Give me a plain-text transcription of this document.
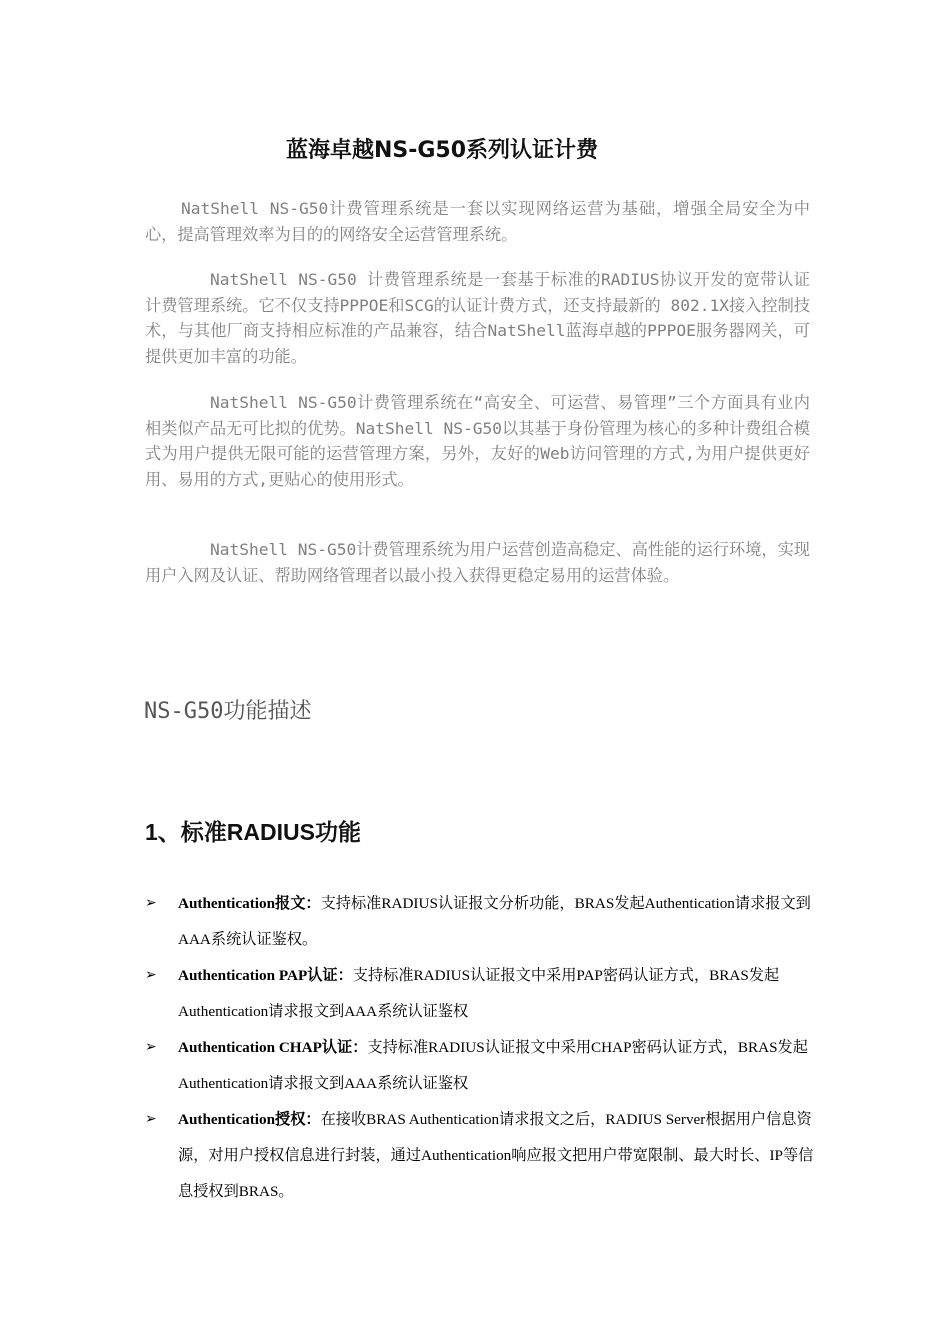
蓝海卓越NS-G50系列认证计费

NatShell NS-G50计费管理系统是一套以实现网络运营为基础，增强全局安全为中心，提高管理效率为目的的网络安全运营管理系统。

NatShell NS-G50 计费管理系统是一套基于标准的RADIUS协议开发的宽带认证计费管理系统。它不仅支持PPPOE和SCG的认证计费方式，还支持最新的 802.1X接入控制技术，与其他厂商支持相应标准的产品兼容，结合NatShell蓝海卓越的PPPOE服务器网关，可提供更加丰富的功能。

NatShell NS-G50计费管理系统在“高安全、可运营、易管理”三个方面具有业内相类似产品无可比拟的优势。NatShell NS-G50以其基于身份管理为核心的多种计费组合模式为用户提供无限可能的运营管理方案，另外，友好的Web访问管理的方式,为用户提供更好用、易用的方式,更贴心的使用形式。

NatShell NS-G50计费管理系统为用户运营创造高稳定、高性能的运行环境，实现用户入网及认证、帮助网络管理者以最小投入获得更稳定易用的运营体验。

NS-G50功能描述
1、标准RADIUS功能
➢ Authentication报文：支持标准RADIUS认证报文分析功能，BRAS发起Authentication请求报文到AAA系统认证鉴权。
➢ Authentication PAP认证：支持标准RADIUS认证报文中采用PAP密码认证方式，BRAS发起Authentication请求报文到AAA系统认证鉴权
➢ Authentication CHAP认证：支持标准RADIUS认证报文中采用CHAP密码认证方式，BRAS发起Authentication请求报文到AAA系统认证鉴权
➢ Authentication授权：在接收BRAS Authentication请求报文之后，RADIUS Server根据用户信息资源，对用户授权信息进行封装，通过Authentication响应报文把用户带宽限制、最大时长、IP等信息授权到BRAS。
